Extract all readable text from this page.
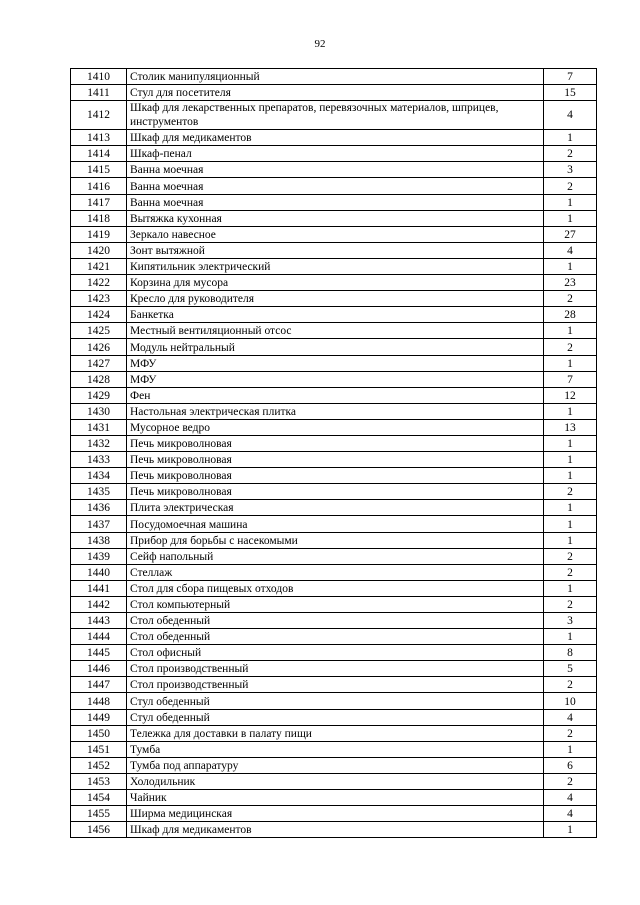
92
1410	Столик манипуляционный	7
1411	Стул для посетителя	15
1412	Шкаф для лекарственных препаратов, перевязочных материалов, шприцев, инструментов	4
1413	Шкаф для медикаментов	1
1414	Шкаф-пенал	2
1415	Ванна моечная	3
1416	Ванна моечная	2
1417	Ванна моечная	1
1418	Вытяжка кухонная	1
1419	Зеркало навесное	27
1420	Зонт вытяжной	4
1421	Кипятильник электрический	1
1422	Корзина для мусора	23
1423	Кресло для руководителя	2
1424	Банкетка	28
1425	Местный вентиляционный отсос	1
1426	Модуль нейтральный	2
1427	МФУ	1
1428	МФУ	7
1429	Фен	12
1430	Настольная электрическая плитка	1
1431	Мусорное ведро	13
1432	Печь микроволновая	1
1433	Печь микроволновая	1
1434	Печь микроволновая	1
1435	Печь микроволновая	2
1436	Плита электрическая	1
1437	Посудомоечная машина	1
1438	Прибор для борьбы с насекомыми	1
1439	Сейф напольный	2
1440	Стеллаж	2
1441	Стол для сбора пищевых отходов	1
1442	Стол компьютерный	2
1443	Стол обеденный	3
1444	Стол обеденный	1
1445	Стол офисный	8
1446	Стол производственный	5
1447	Стол производственный	2
1448	Стул обеденный	10
1449	Стул обеденный	4
1450	Тележка для доставки в палату пищи	2
1451	Тумба	1
1452	Тумба под аппаратуру	6
1453	Холодильник	2
1454	Чайник	4
1455	Ширма медицинская	4
1456	Шкаф для медикаментов	1
